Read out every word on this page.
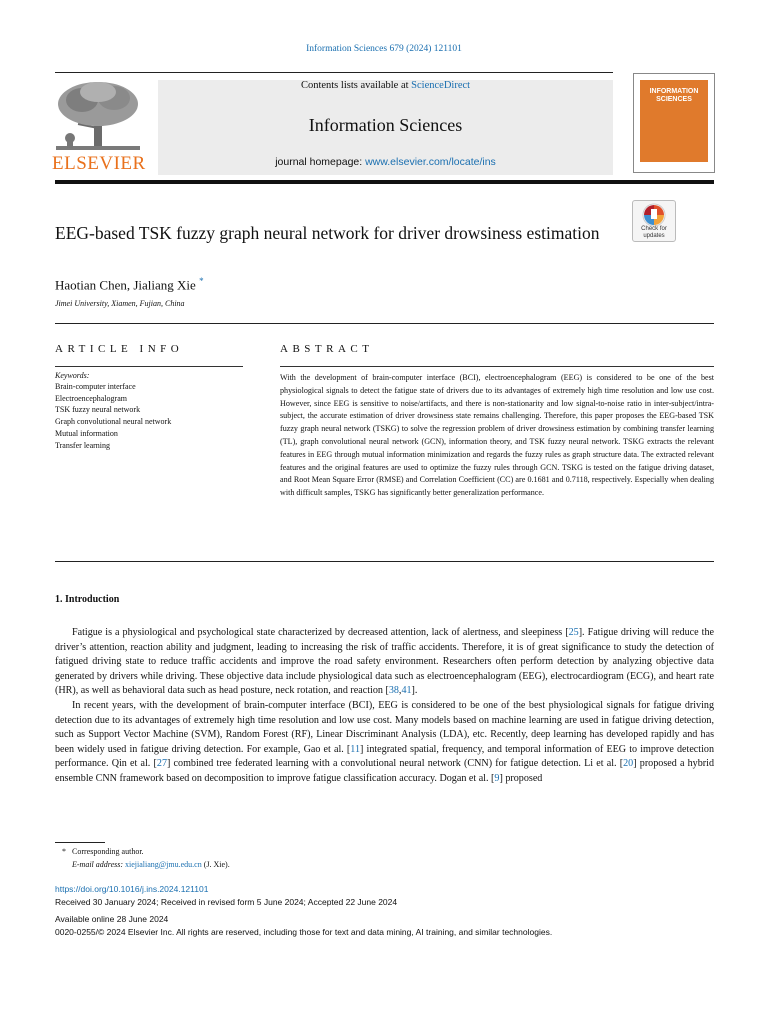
Information Sciences 679 (2024) 121101
ELSEVIER
Contents lists available at ScienceDirect
Information Sciences
journal homepage: www.elsevier.com/locate/ins
INFORMATION SCIENCES
EEG-based TSK fuzzy graph neural network for driver drowsiness estimation	Check for updates
Haotian Chen, Jialiang Xie *
Jimei University, Xiamen, Fujian, China
ARTICLE INFO
Keywords:
Brain-computer interface
Electroencephalogram
TSK fuzzy neural network
Graph convolutional neural network
Mutual information
Transfer learning
ABSTRACT
With the development of brain-computer interface (BCI), electroencephalogram (EEG) is considered to be one of the best physiological signals to detect the fatigue state of drivers due to its advantages of extremely high time resolution and low use cost. However, since EEG is sensitive to noise/artifacts, and there is non-stationarity and low signal-to-noise ratio in inter-subject/intra-subject, the accurate estimation of driver drowsiness state remains challenging. Therefore, this paper proposes the EEG-based TSK fuzzy graph neural network (TSKG) to solve the regression problem of driver drowsiness estimation by combining transfer learning (TL), graph convolutional neural network (GCN), information theory, and TSK fuzzy neural network. TSKG extracts the relevant features in EEG through mutual information minimization and regards the fuzzy rules as graph structure data. The extracted relevant features and the original features are used to optimize the fuzzy rules through GCN. TSKG is tested on the fatigue driving dataset, and Root Mean Square Error (RMSE) and Correlation Coefficient (CC) are 0.1681 and 0.7118, respectively. Especially when dealing with difficult samples, TSKG has significantly better generalization performance.
1. Introduction

Fatigue is a physiological and psychological state characterized by decreased attention, lack of alertness, and sleepiness [25]. Fatigue driving will reduce the driver’s attention, reaction ability and judgment, leading to increasing the risk of traffic accidents. Therefore, it is of great significance to study the detection of fatigued driving state to reduce traffic accidents and improve the road safety environment. Researchers often perform detection by analyzing objective data generated by drivers while driving. These objective data include physiological data such as electroencephalogram (EEG), electrocardiogram (ECG), and heart rate (HR), as well as behavioral data such as head posture, neck rotation, and reaction [38,41].

In recent years, with the development of brain-computer interface (BCI), EEG is considered to be one of the best physiological signals for fatigue driving detection due to its advantages of extremely high time resolution and low use cost. Many models based on machine learning are used in fatigue driving detection, such as Support Vector Machine (SVM), Random Forest (RF), Linear Discriminant Analysis (LDA), etc. Recently, deep learning has developed rapidly and has been widely used in fatigue driving detection. For example, Gao et al. [11] integrated spatial, frequency, and temporal information of EEG to improve detection performance. Qin et al. [27] combined tree federated learning with a convolutional neural network (CNN) for fatigue detection. Li et al. [20] proposed a hybrid ensemble CNN framework based on decomposition to improve fatigue classification accuracy. Dogan et al. [9] proposed

* Corresponding author.
E-mail address: xiejialiang@jmu.edu.cn (J. Xie).
https://doi.org/10.1016/j.ins.2024.121101
Received 30 January 2024; Received in revised form 5 June 2024; Accepted 22 June 2024
Available online 28 June 2024
0020-0255/© 2024 Elsevier Inc. All rights are reserved, including those for text and data mining, AI training, and similar technologies.
